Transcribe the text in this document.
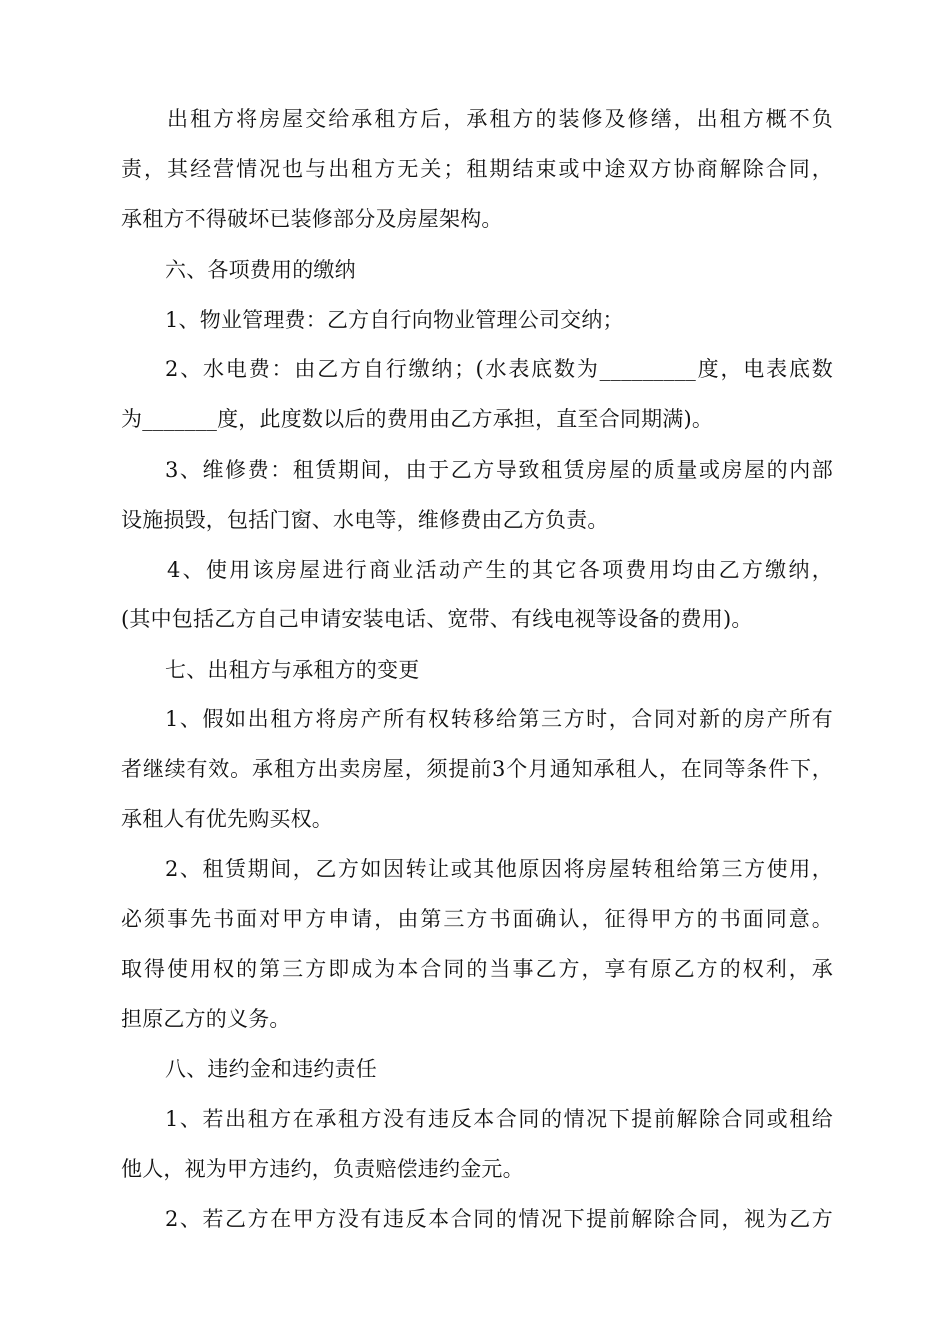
出租方将房屋交给承租方后，承租方的装修及修缮，出租方概不负
责，其经营情况也与出租方无关；租期结束或中途双方协商解除合同，
承租方不得破坏已装修部分及房屋架构。
六、各项费用的缴纳
1、物业管理费：乙方自行向物业管理公司交纳；
2、水电费：由乙方自行缴纳；(水表底数为_________度，电表底数
为_______度，此度数以后的费用由乙方承担，直至合同期满)。
3、维修费：租赁期间，由于乙方导致租赁房屋的质量或房屋的内部
设施损毁，包括门窗、水电等，维修费由乙方负责。
4、使用该房屋进行商业活动产生的其它各项费用均由乙方缴纳，
(其中包括乙方自己申请安装电话、宽带、有线电视等设备的费用)。
七、出租方与承租方的变更
1、假如出租方将房产所有权转移给第三方时，合同对新的房产所有
者继续有效。承租方出卖房屋，须提前3个月通知承租人，在同等条件下，
承租人有优先购买权。
2、租赁期间，乙方如因转让或其他原因将房屋转租给第三方使用，
必须事先书面对甲方申请，由第三方书面确认，征得甲方的书面同意。
取得使用权的第三方即成为本合同的当事乙方，享有原乙方的权利，承
担原乙方的义务。
八、违约金和违约责任
1、若出租方在承租方没有违反本合同的情况下提前解除合同或租给
他人，视为甲方违约，负责赔偿违约金元。
2、若乙方在甲方没有违反本合同的情况下提前解除合同，视为乙方
